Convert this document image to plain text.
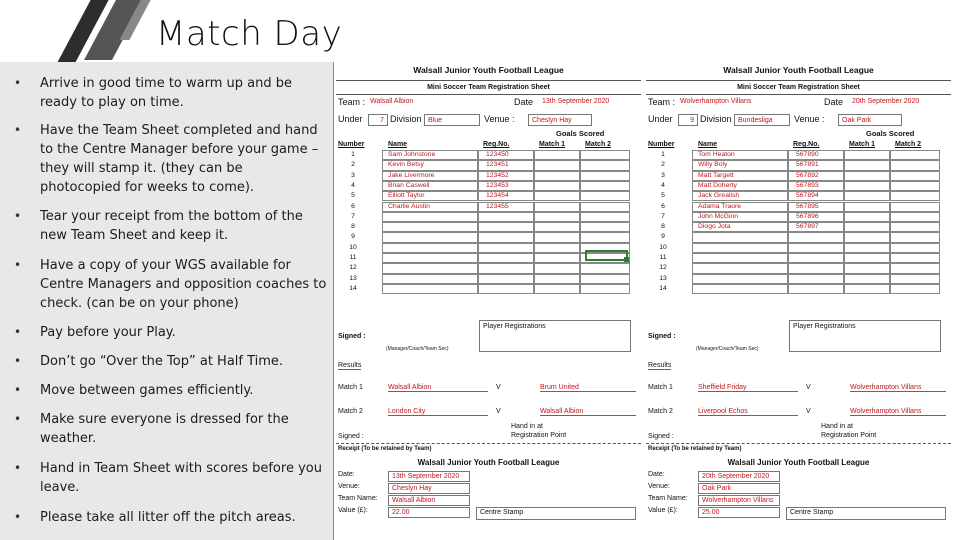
Match Day
•	Arrive in good time to warm up and be ready to play on time.
•	Have the Team Sheet completed and hand to the Centre Manager before your game – they will stamp it. (they can be photocopied for weeks to come).
•	Tear your receipt from the bottom of the new Team Sheet and keep it.
•	Have a copy of your WGS available for Centre Managers and opposition coaches to check. (can be on your phone)
•	Pay before your Play.
•	Don’t go “Over the Top” at Half Time.
•	Move between games efficiently.
•	Make sure everyone is dressed for the weather.
•	Hand in Team Sheet with scores before you leave.
•	Please take all litter off the pitch areas.
Walsall Junior Youth Football League
Mini Soccer Team Registration Sheet
Team : Walsall Albion	Date 13th September 2020
Under	7 Division Blue	Venue :	Cheslyn Hay
Goals Scored
Number	Name	Reg.No.	Match 1	Match 2
1	Sam Johnstone	123450
2	Kevin Betsy	123451
3	Jake Livermore	123452
4	Brian Caswell	123453
5	Elliott Taylor	123454
6	Charlie Austin	123455
7
8
9
10
11
12
13
14
Player Registrations
Signed :
(Manager/Coach/Team Sec)
Results
Match 1	Walsall Albion	V	Brum United
Match 2	London City	V	Walsall Albion
Hand in at
Registration Point
Signed :
Receipt (To be retained by Team)
Walsall Junior Youth Football League
Date:	13th September 2020
Venue:	Cheslyn Hay
Team Name:	Walsall Albion
Value (£):	22.00	Centre Stamp
Walsall Junior Youth Football League
Mini Soccer Team Registration Sheet
Team : Wolverhampton Villans	Date 20th September 2020
Under	9 Division Bundesliga	Venue :	Oak Park
Goals Scored
Number	Name	Reg.No.	Match 1	Match 2
1	Tom Heaton	567890
2	Willy Boly	567891
3	Matt Targett	567892
4	Matt Doherty	567893
5	Jack Grealish	567894
6	Adama Traore	567895
7	John McGinn	567896
8	Diogo Jota	567897
9
10
11
12
13
14
Player Registrations
Signed :
(Manager/Coach/Team Sec)
Results
Match 1	Sheffield Friday	V	Wolverhampton Villans
Match 2	Liverpool Echos	V	Wolverhampton Villans
Hand in at
Registration Point
Signed :
Receipt (To be retained by Team)
Walsall Junior Youth Football League
Date:	20th September 2020
Venue:	Oak Park
Team Name:	Wolverhampton Villans
Value (£):	25.00	Centre Stamp
